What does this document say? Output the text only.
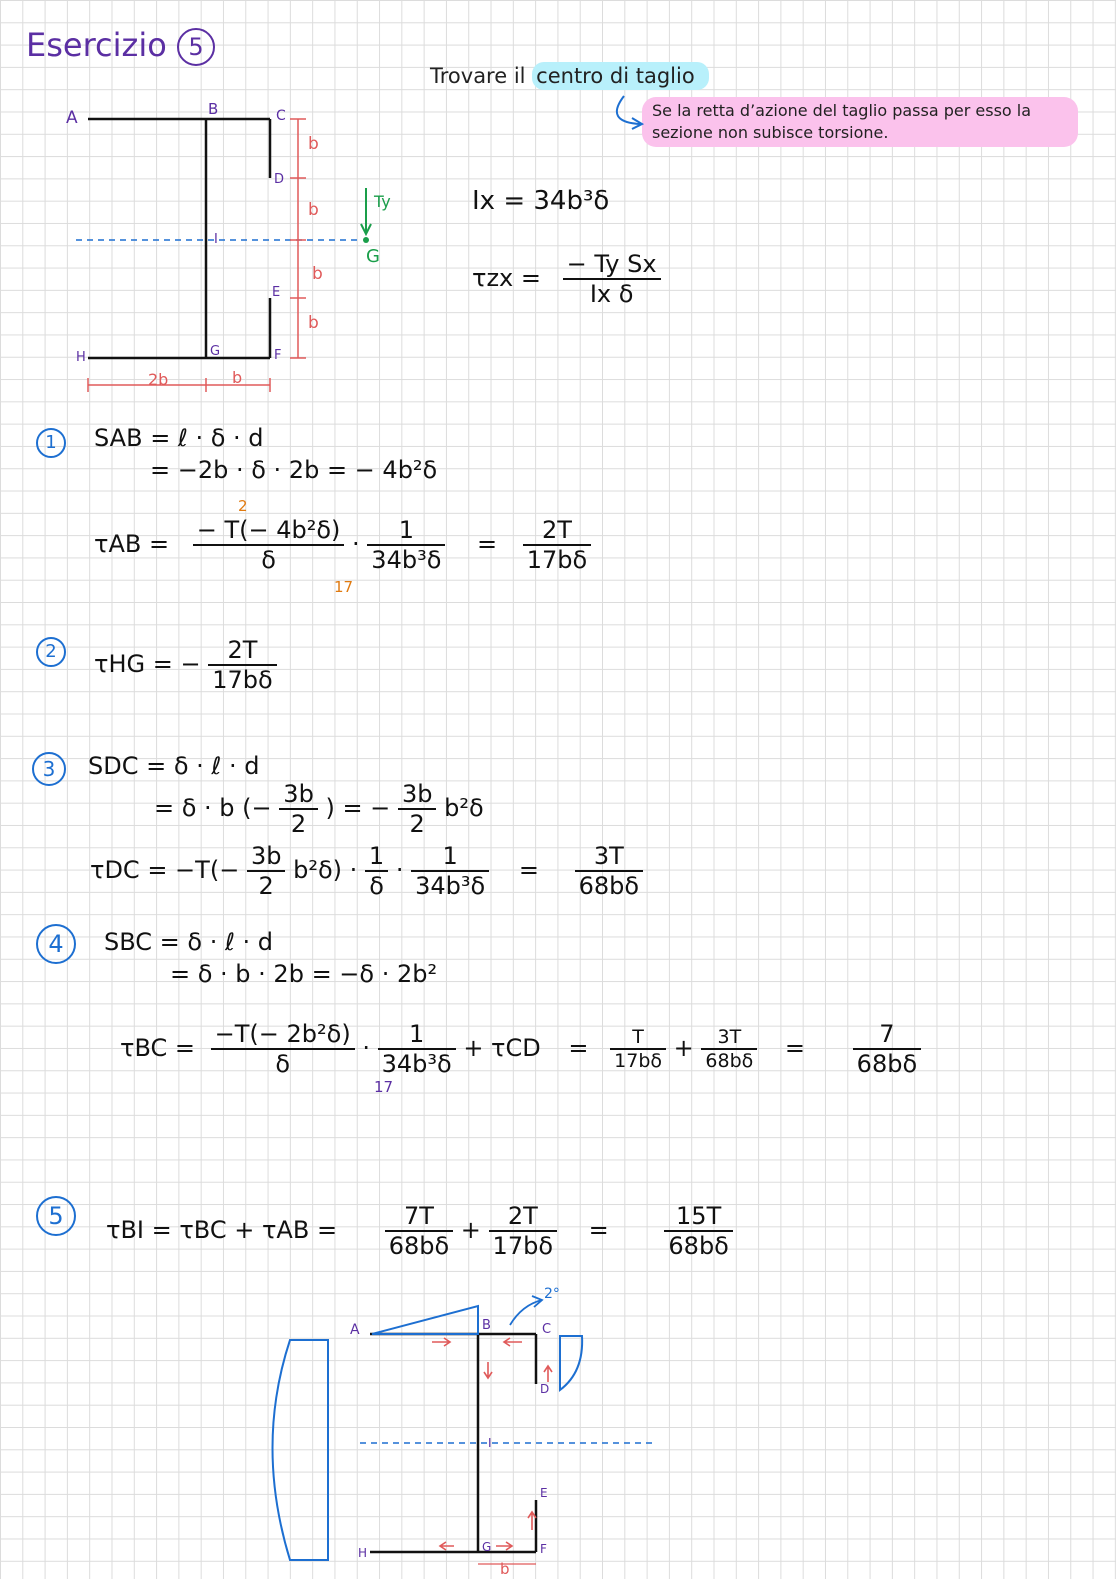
Esercizio 5
Trovare il centro di taglio
Se la retta d’azione del taglio passa per esso la sezione non subisce torsione.
A	B	C
D
I
E
F
G
H
b
b
b
b
2b	b
Ty
G
Ix = 34b³δ
$\tau zx = \frac{\text{− Ty Sx}}{\text{Ix δ}}$
1	SAB = ℓ · δ · d
= −2b · δ · 2b = − 4b²δ
$\tau AB = \frac{\text{− T(− 4b²δ)}}{\delta} \cdot \frac{1}{\text{34b³δ}} = \frac{2T}{17b\delta}$
2
17
2	τHG = − $\frac{2T}{17b\delta}$
3	SDC = δ · ℓ · d
= δ · b (− $\frac{3b}{2}$ ) = − $\frac{3b}{2} b^2\delta$
$\tau DC = -T(- \frac{3b}{2} b^2\delta) \cdot \frac{1}{\delta} \cdot \frac{1}{\text{34b³δ}} = \frac{3T}{68b\delta}$
4	SBC = δ · ℓ · d
= δ · b · 2b = −δ · 2b²
$\tau BC = \frac{\text{−T(− 2b²δ)}}{\delta} \cdot \frac{1}{\text{34b³δ}} + \tau CD = \frac{T}{17b\delta} + \frac{3T}{68b\delta} = \frac{7}{68b\delta}$
17
5	$\tau BI = \tau BC + \tau AB = \frac{7T}{68b\delta} + \frac{2T}{17b\delta} = \frac{15T}{68b\delta}$
A	B	C
D
I
E
F
G
H
b
2°
